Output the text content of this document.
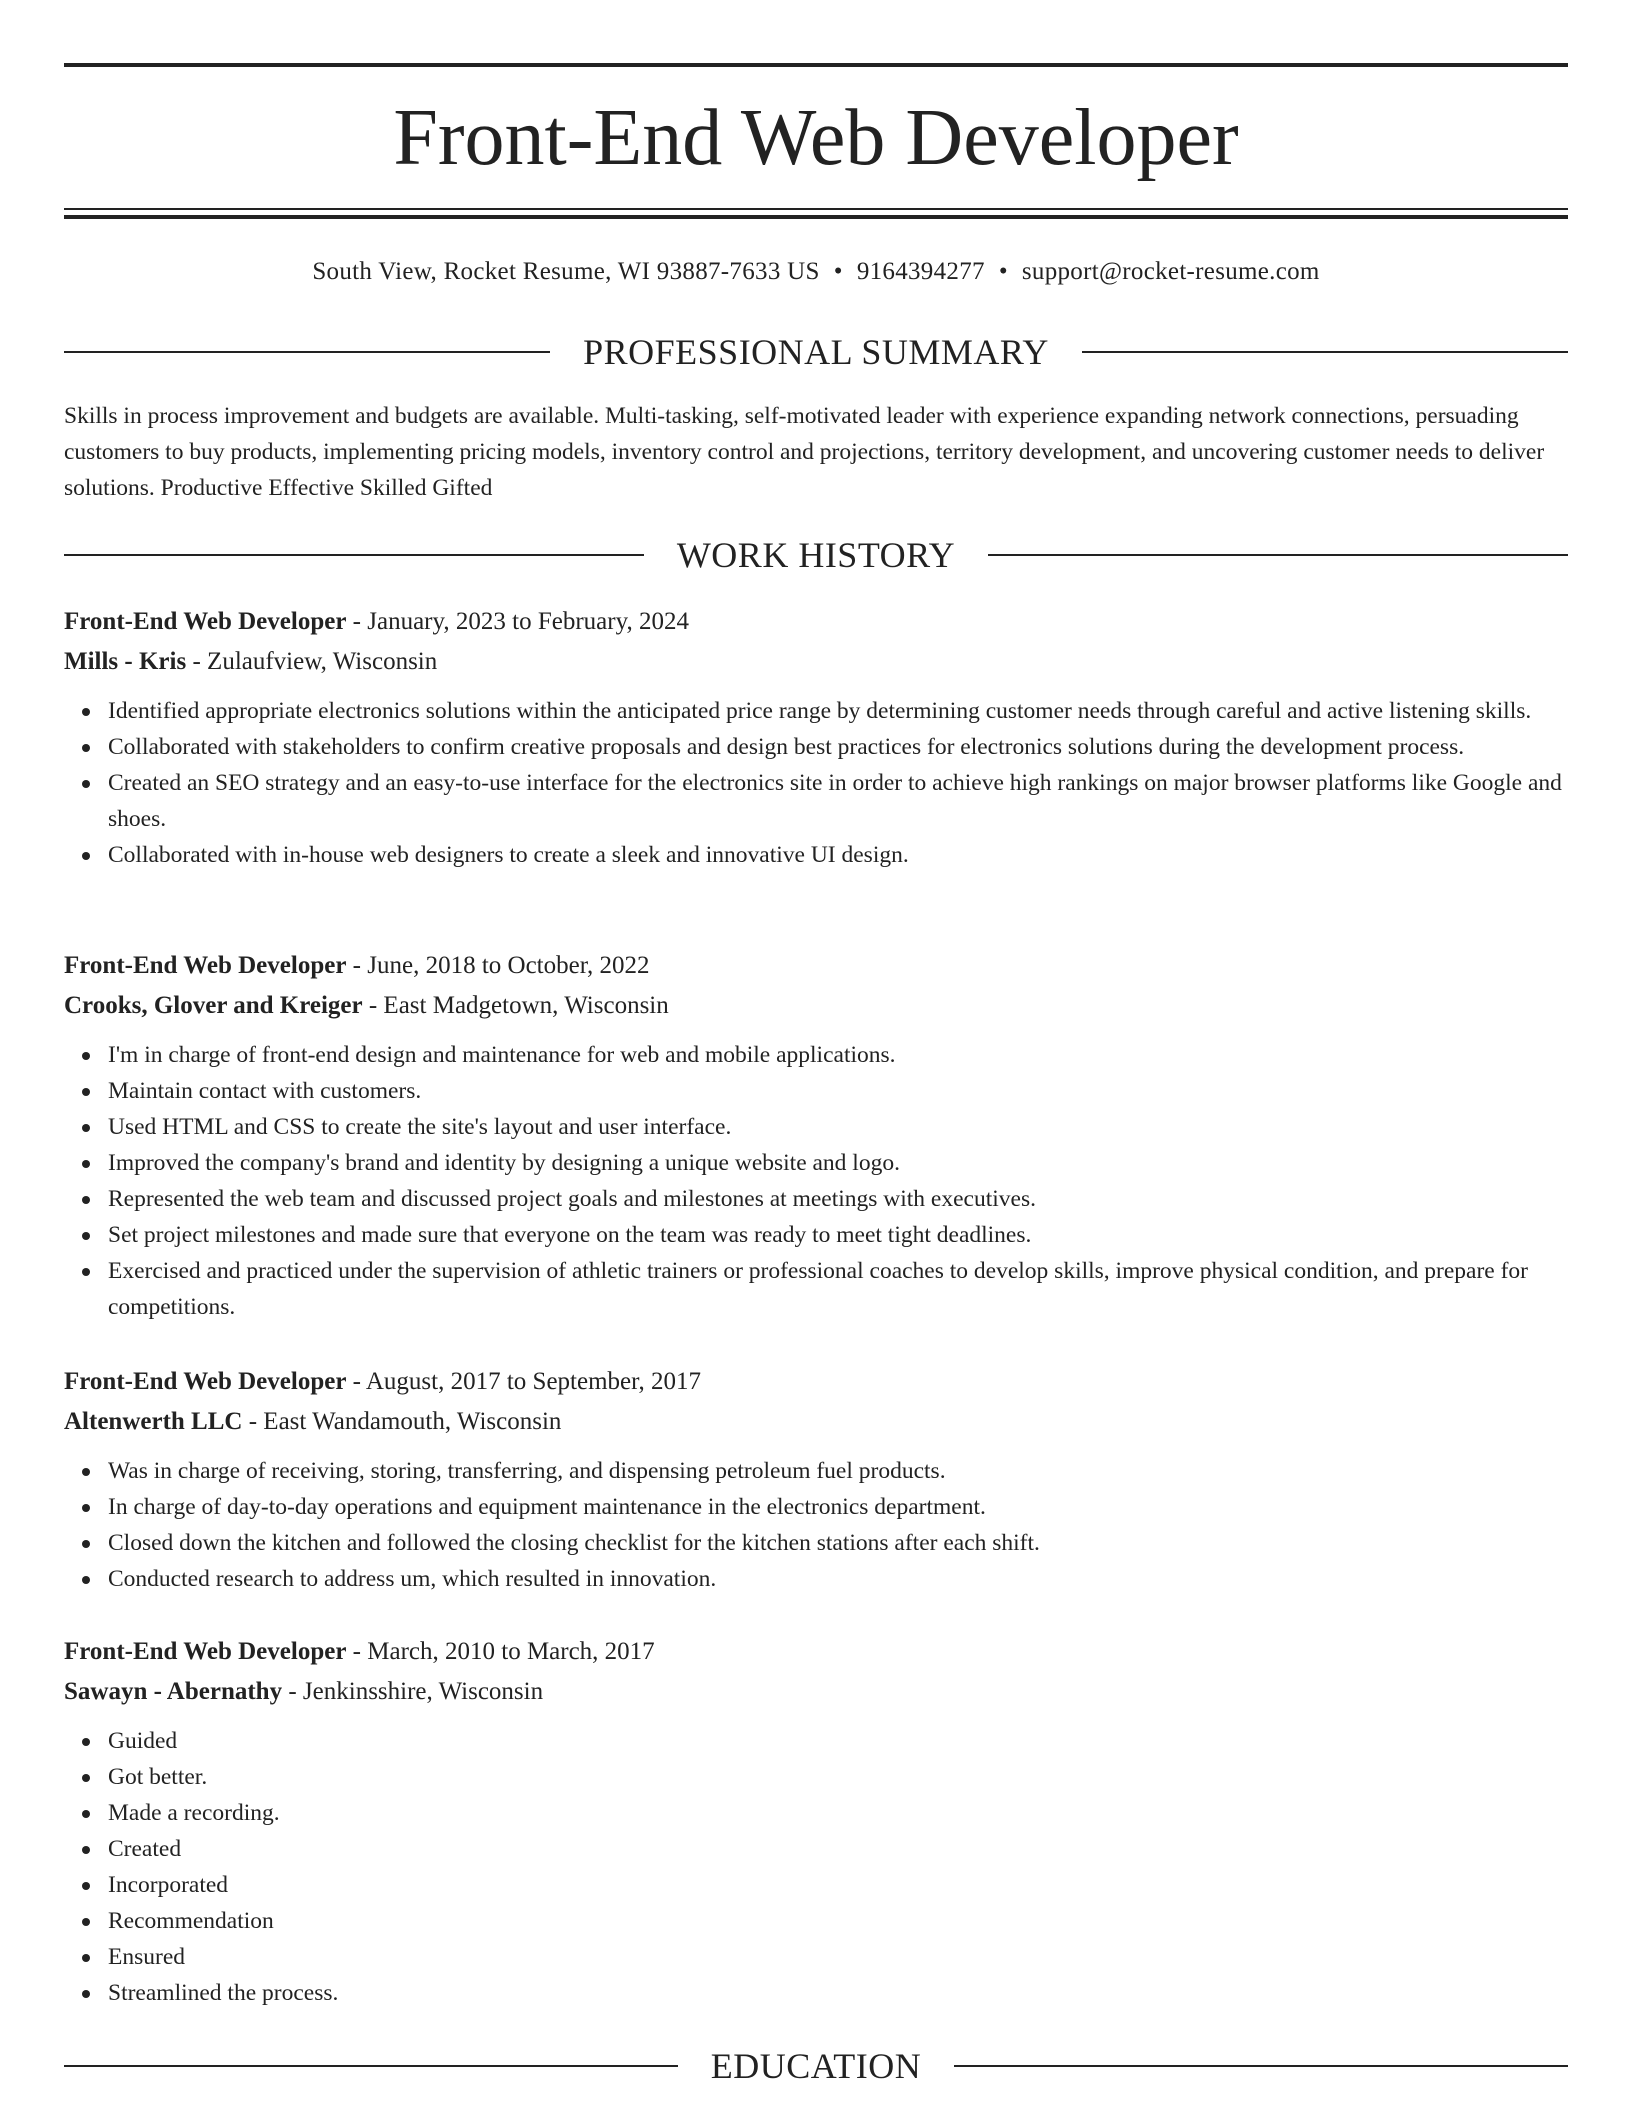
Front-End Web Developer
South View, Rocket Resume, WI 93887-7633 US • 9164394277 • support@rocket-resume.com
PROFESSIONAL SUMMARY

Skills in process improvement and budgets are available. Multi-tasking, self-motivated leader with experience expanding network connections, persuading customers to buy products, implementing pricing models, inventory control and projections, territory development, and uncovering customer needs to deliver solutions. Productive Effective Skilled Gifted

WORK HISTORY
Front-End Web Developer - January, 2023 to February, 2024
Mills - Kris - Zulaufview, Wisconsin
Identified appropriate electronics solutions within the anticipated price range by determining customer needs through careful and active listening skills.
Collaborated with stakeholders to confirm creative proposals and design best practices for electronics solutions during the development process.
Created an SEO strategy and an easy-to-use interface for the electronics site in order to achieve high rankings on major browser platforms like Google and shoes.
Collaborated with in-house web designers to create a sleek and innovative UI design.
Front-End Web Developer - June, 2018 to October, 2022
Crooks, Glover and Kreiger - East Madgetown, Wisconsin
I'm in charge of front-end design and maintenance for web and mobile applications.
Maintain contact with customers.
Used HTML and CSS to create the site's layout and user interface.
Improved the company's brand and identity by designing a unique website and logo.
Represented the web team and discussed project goals and milestones at meetings with executives.
Set project milestones and made sure that everyone on the team was ready to meet tight deadlines.
Exercised and practiced under the supervision of athletic trainers or professional coaches to develop skills, improve physical condition, and prepare for competitions.
Front-End Web Developer - August, 2017 to September, 2017
Altenwerth LLC - East Wandamouth, Wisconsin
Was in charge of receiving, storing, transferring, and dispensing petroleum fuel products.
In charge of day-to-day operations and equipment maintenance in the electronics department.
Closed down the kitchen and followed the closing checklist for the kitchen stations after each shift.
Conducted research to address um, which resulted in innovation.
Front-End Web Developer - March, 2010 to March, 2017
Sawayn - Abernathy - Jenkinsshire, Wisconsin
Guided
Got better.
Made a recording.
Created
Incorporated
Recommendation
Ensured
Streamlined the process.
EDUCATION
